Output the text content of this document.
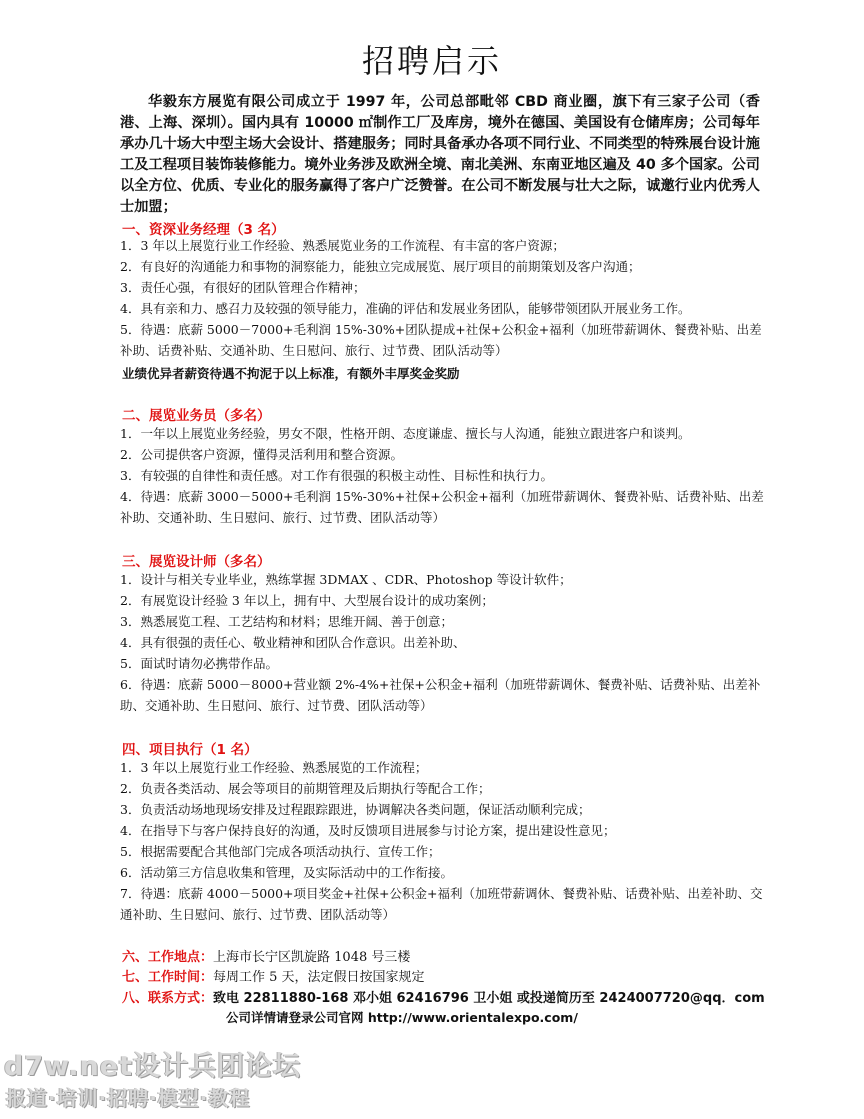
招聘启示
华毅东方展览有限公司成立于 1997 年，公司总部毗邻 CBD 商业圈，旗下有三家子公司（香港、上海、深圳）。国内具有 10000 ㎡制作工厂及库房，境外在德国、美国设有仓储库房；公司每年承办几十场大中型主场大会设计、搭建服务；同时具备承办各项不同行业、不同类型的特殊展台设计施工及工程项目装饰装修能力。境外业务涉及欧洲全境、南北美洲、东南亚地区遍及 40 多个国家。公司以全方位、优质、专业化的服务赢得了客户广泛赞誉。在公司不断发展与壮大之际，诚邀行业内优秀人士加盟；
一、资深业务经理（3 名）
1．3 年以上展览行业工作经验、熟悉展览业务的工作流程、有丰富的客户资源；
2．有良好的沟通能力和事物的洞察能力，能独立完成展览、展厅项目的前期策划及客户沟通；
3．责任心强，有很好的团队管理合作精神；
4．具有亲和力、感召力及较强的领导能力，准确的评估和发展业务团队，能够带领团队开展业务工作。
5．待遇：底薪 5000－7000+毛利润 15%-30%+团队提成+社保+公积金+福利（加班带薪调休、餐费补贴、出差补助、话费补贴、交通补助、生日慰问、旅行、过节费、团队活动等）
业绩优异者薪资待遇不拘泥于以上标准，有额外丰厚奖金奖励
二、展览业务员（多名）
1．一年以上展览业务经验，男女不限，性格开朗、态度谦虚、擅长与人沟通，能独立跟进客户和谈判。
2．公司提供客户资源，懂得灵活利用和整合资源。
3．有较强的自律性和责任感。对工作有很强的积极主动性、目标性和执行力。
4．待遇：底薪 3000－5000+毛利润 15%-30%+社保+公积金+福利（加班带薪调休、餐费补贴、话费补贴、出差补助、交通补助、生日慰问、旅行、过节费、团队活动等）
三、展览设计师（多名）
1．设计与相关专业毕业，熟练掌握 3DMAX 、CDR、Photoshop 等设计软件；
2．有展览设计经验 3 年以上，拥有中、大型展台设计的成功案例；
3．熟悉展览工程、工艺结构和材料；思维开阔、善于创意；
4．具有很强的责任心、敬业精神和团队合作意识。出差补助、
5．面试时请勿必携带作品。
6．待遇：底薪 5000－8000+营业额 2%-4%+社保+公积金+福利（加班带薪调休、餐费补贴、话费补贴、出差补助、交通补助、生日慰问、旅行、过节费、团队活动等）
四、项目执行（1 名）
1．3 年以上展览行业工作经验、熟悉展览的工作流程；
2．负责各类活动、展会等项目的前期管理及后期执行等配合工作；
3．负责活动场地现场安排及过程跟踪跟进，协调解决各类问题，保证活动顺利完成；
4．在指导下与客户保持良好的沟通，及时反馈项目进展参与讨论方案，提出建设性意见；
5．根据需要配合其他部门完成各项活动执行、宣传工作；
6．活动第三方信息收集和管理，及实际活动中的工作衔接。
7．待遇：底薪 4000－5000+项目奖金+社保+公积金+福利（加班带薪调休、餐费补贴、话费补贴、出差补助、交通补助、生日慰问、旅行、过节费、团队活动等）
六、工作地点：上海市长宁区凯旋路 1048 号三楼
七、工作时间：每周工作 5 天，法定假日按国家规定
八、联系方式：致电 22811880-168 邓小姐 62416796 卫小姐 或投递简历至 2424007720@qq．com
公司详情请登录公司官网 http://www.orientalexpo.com/
d7w.net设计兵团论坛
报道·培训·招聘·模型·教程
